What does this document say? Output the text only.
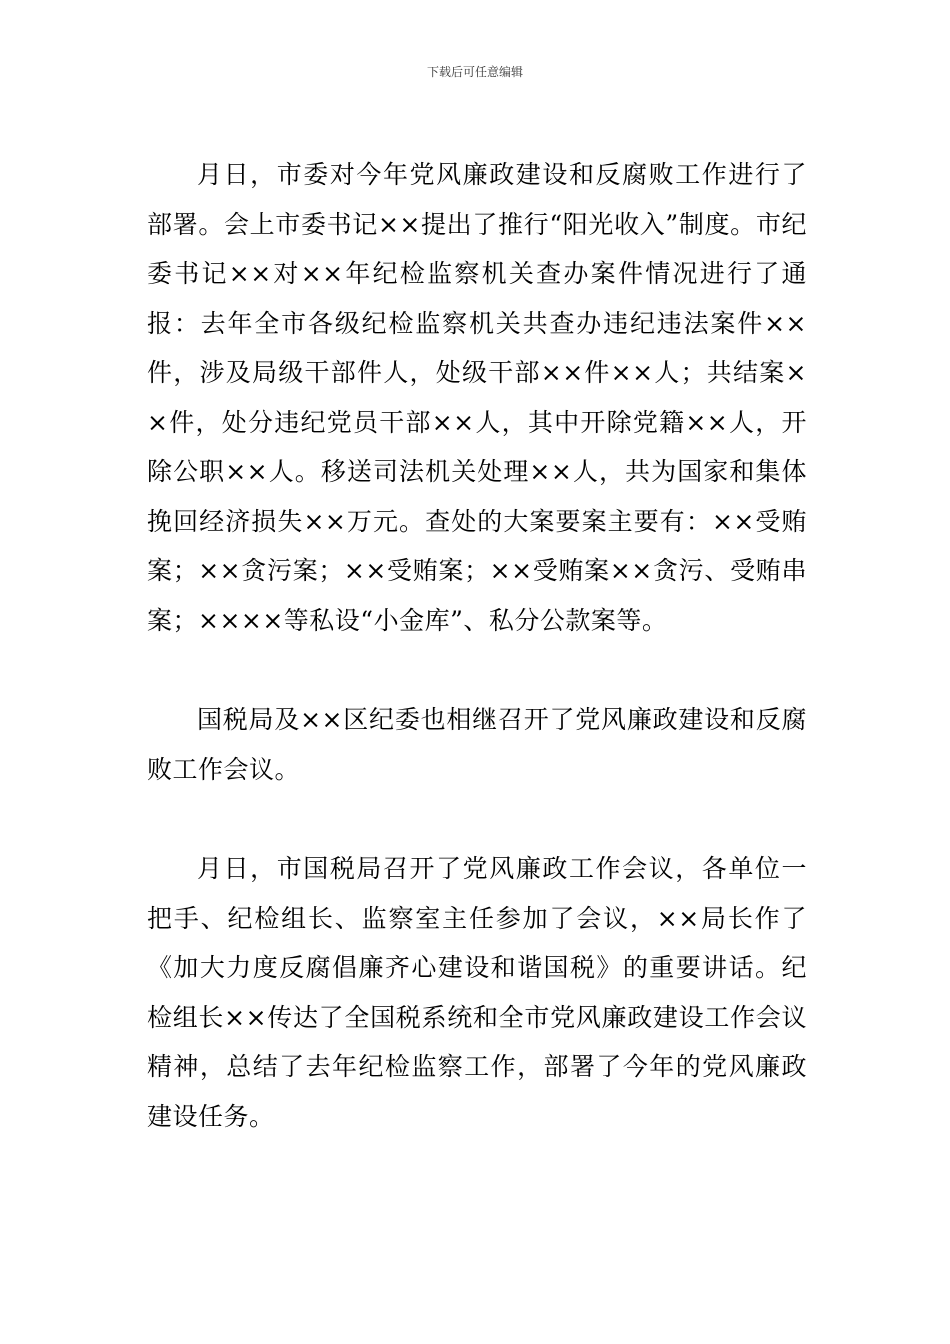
下载后可任意编辑

月日，市委对今年党风廉政建设和反腐败工作进行了部署。会上市委书记××提出了推行“阳光收入”制度。市纪委书记××对××年纪检监察机关查办案件情况进行了通报：去年全市各级纪检监察机关共查办违纪违法案件××件，涉及局级干部件人，处级干部××件××人；共结案××件，处分违纪党员干部××人，其中开除党籍××人，开除公职××人。移送司法机关处理××人，共为国家和集体挽回经济损失××万元。查处的大案要案主要有：××受贿案；××贪污案；××受贿案；××受贿案××贪污、受贿串案；××××等私设“小金库”、私分公款案等。

国税局及××区纪委也相继召开了党风廉政建设和反腐败工作会议。

月日，市国税局召开了党风廉政工作会议，各单位一把手、纪检组长、监察室主任参加了会议，××局长作了《加大力度反腐倡廉齐心建设和谐国税》的重要讲话。纪检组长××传达了全国税系统和全市党风廉政建设工作会议精神，总结了去年纪检监察工作，部署了今年的党风廉政建设任务。
